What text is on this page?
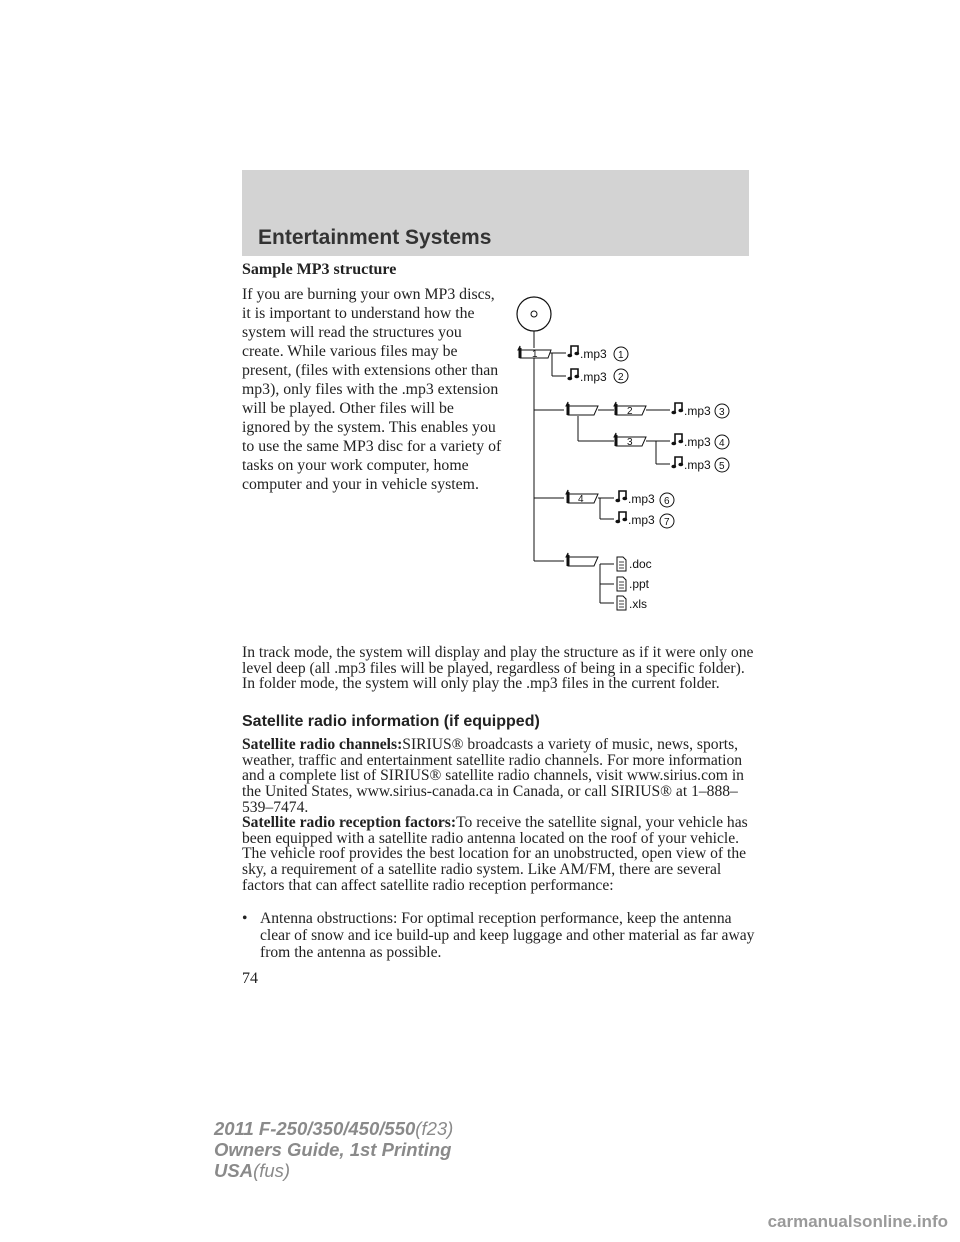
Entertainment Systems
Sample MP3 structure

If you are burning your own MP3 discs, it is important to understand how the system will read the structures you create. While various files may be present, (files with extensions other than mp3), only files with the .mp3 extension will be played. Other files will be ignored by the system. This enables you to use the same MP3 disc for a variety of tasks on your work computer, home computer and your in vehicle system.

1
2
3
4
.mp3 1
.mp3 2
.mp3 3
.mp3 4
.mp3 5
.mp3 6
.mp3 7
.doc
.ppt
.xls

In track mode, the system will display and play the structure as if it were only one level deep (all .mp3 files will be played, regardless of being in a specific folder). In folder mode, the system will only play the .mp3 files in the current folder.

Satellite radio information (if equipped)

Satellite radio channels:SIRIUS® broadcasts a variety of music, news, sports, weather, traffic and entertainment satellite radio channels. For more information and a complete list of SIRIUS® satellite radio channels, visit www.sirius.com in the United States, www.sirius-canada.ca in Canada, or call SIRIUS® at 1–888–539–7474.

Satellite radio reception factors:To receive the satellite signal, your vehicle has been equipped with a satellite radio antenna located on the roof of your vehicle. The vehicle roof provides the best location for an unobstructed, open view of the sky, a requirement of a satellite radio system. Like AM/FM, there are several factors that can affect satellite radio reception performance:

• Antenna obstructions: For optimal reception performance, keep the antenna clear of snow and ice build-up and keep luggage and other material as far away from the antenna as possible.
74
2011 F-250/350/450/550(f23)
Owners Guide, 1st Printing
USA(fus)
carmanualsonline.info
